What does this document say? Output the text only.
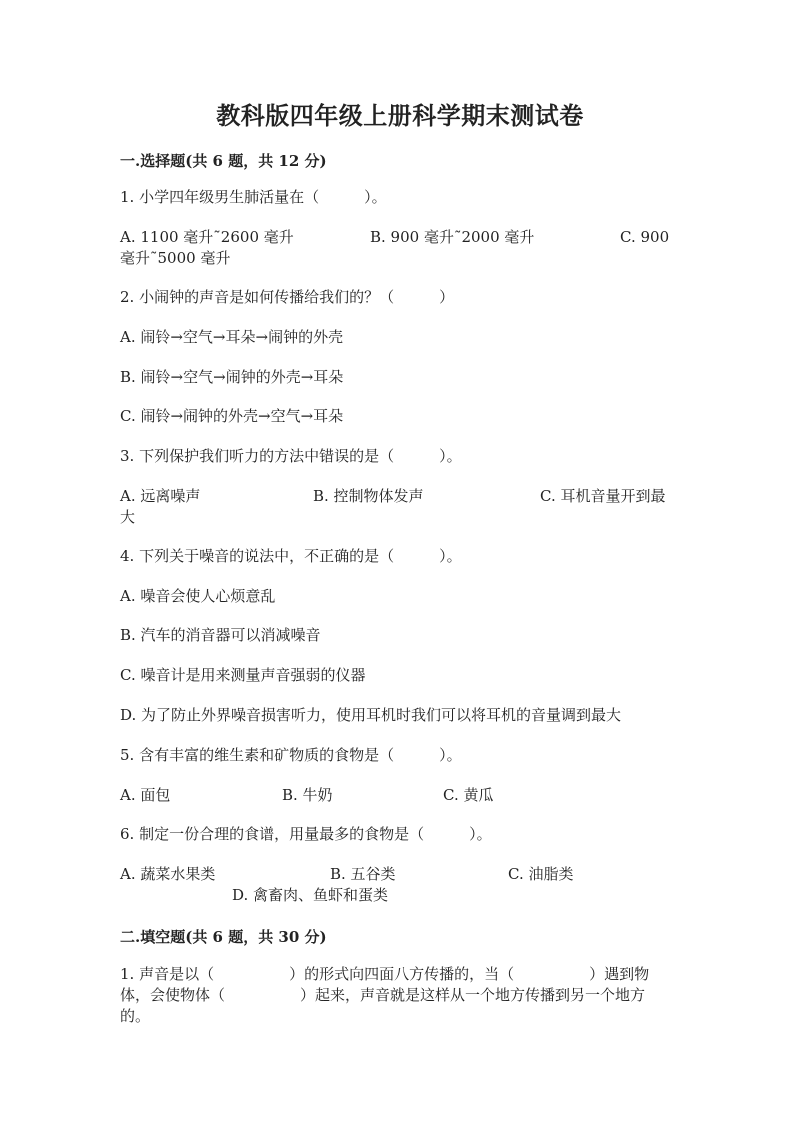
教科版四年级上册科学期末测试卷
一.选择题(共 6 题，共 12 分)
1. 小学四年级男生肺活量在（　　　）。
A. 1100 毫升˜2600 毫升	B. 900 毫升˜2000 毫升	C. 900
毫升˜5000 毫升
2. 小闹钟的声音是如何传播给我们的？（　　　）
A. 闹铃→空气→耳朵→闹钟的外壳
B. 闹铃→空气→闹钟的外壳→耳朵
C. 闹铃→闹钟的外壳→空气→耳朵
3. 下列保护我们听力的方法中错误的是（　　　）。
A. 远离噪声	B. 控制物体发声	C. 耳机音量开到最
大
4. 下列关于噪音的说法中，不正确的是（　　　）。
A. 噪音会使人心烦意乱
B. 汽车的消音器可以消减噪音
C. 噪音计是用来测量声音强弱的仪器
D. 为了防止外界噪音损害听力，使用耳机时我们可以将耳机的音量调到最大
5. 含有丰富的维生素和矿物质的食物是（　　　）。
A. 面包	B. 牛奶	C. 黄瓜
6. 制定一份合理的食谱，用量最多的食物是（　　　）。
A. 蔬菜水果类	B. 五谷类	C. 油脂类
D. 禽畜肉、鱼虾和蛋类
二.填空题(共 6 题，共 30 分)
1. 声音是以（　　　　　）的形式向四面八方传播的，当（　　　　　）遇到物
体，会使物体（　　　　　）起来，声音就是这样从一个地方传播到另一个地方
的。
